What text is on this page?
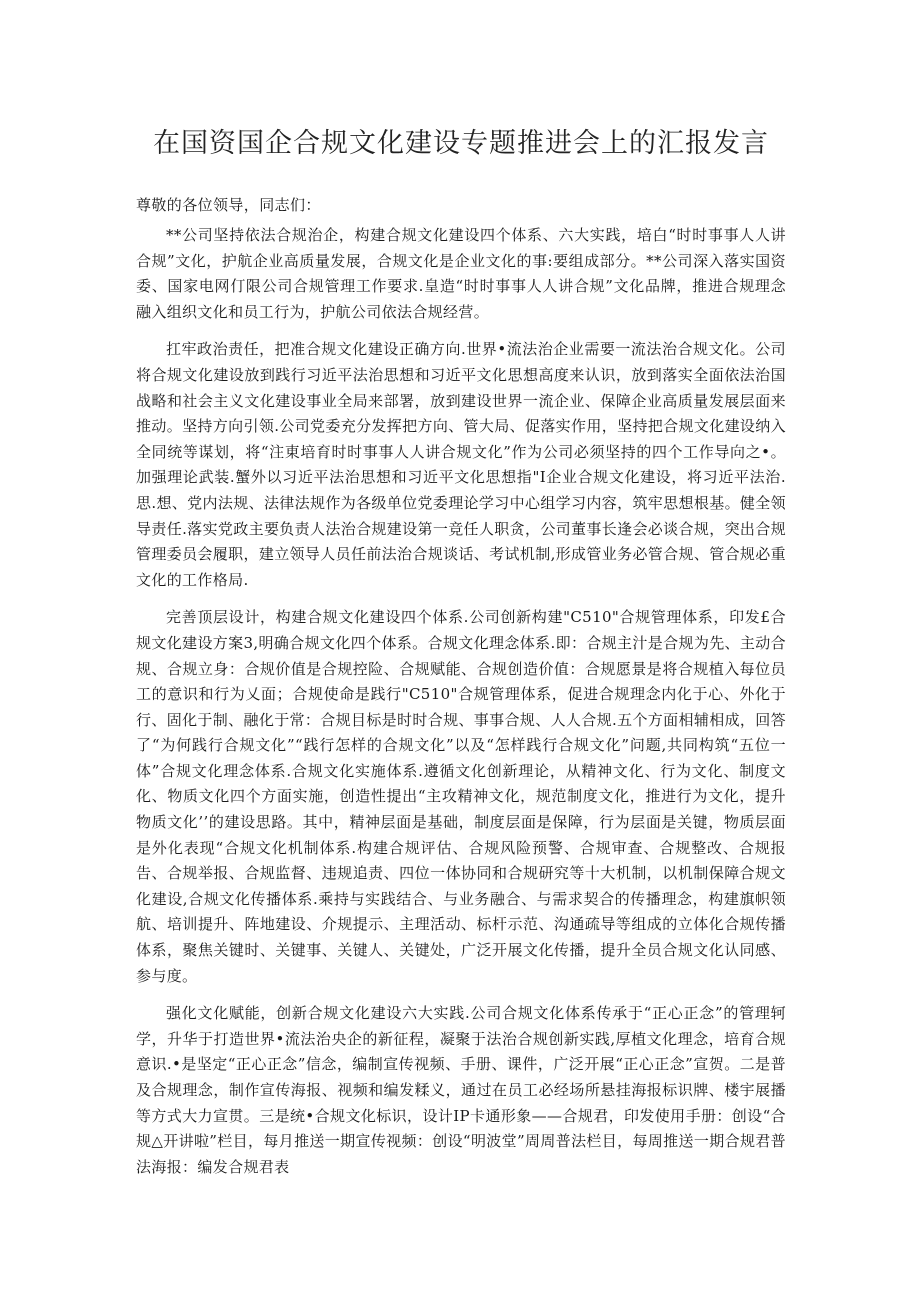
在国资国企合规文化建设专题推进会上的汇报发言

尊敬的各位领导，同志们：

**公司坚持依法合规治企，构建合规文化建设四个体系、六大实践，培白“时时事事人人讲合规”文化，护航企业高质量发展，合规文化是企业文化的事:要组成部分。**公司深入落实国资委、国家电网仃限公司合规管理工作要求.皇造“时时事事人人讲合规”文化品牌，推进合规理念融入组织文化和员工行为，护航公司依法合规经营。

扛牢政治责任，把准合规文化建设正确方向.世界•流法治企业需要一流法治合规文化。公司将合规文化建设放到践行习近平法治思想和习近平文化思想高度来认识，放到落实全面依法治国战略和社会主义文化建设事业全局来部署，放到建设世界一流企业、保障企业高质量发展层面来推动。坚持方向引领.公司党委充分发挥把方向、管大局、促落实作用，坚持把合规文化建设纳入全同统等谋划，将“注東培育时时事事人人讲合规文化”作为公司必须坚持的四个工作导向之•。加强理论武装.蟹外以习近平法治思想和习近平文化思想指"I企业合规文化建设，将习近平法治.思.想、党内法规、法律法规作为各级单位党委理论学习中心组学习内容，筑牢思想根基。健全领导责任.落实党政主要负责人法治合规建设第一竞任人职贪，公司董事长逢会必谈合规，突出合规管理委员会履职，建立领导人员任前法治合规谈话、考试机制,形成管业务必管合规、管合规必重文化的工作格局.

完善顶层设计，构建合规文化建设四个体系.公司创新构建"C510"合规管理体系，印发£合规文化建设方案3,明确合规文化四个体系。合规文化理念体系.即：合规主汁是合规为先、主动合规、合规立身：合规价值是合规控险、合规赋能、合规创造价值：合规愿景是将合规植入每位员工的意识和行为乂面；合规使命是践行"C510"合规管理体系，促进合规理念内化于心、外化于行、固化于制、融化于常：合规目标是时时合规、事事合规、人人合规.五个方面相辅相成，回答了“为何践行合规文化”“践行怎样的合规文化”以及“怎样践行合规文化”问题,共同构筑“五位一体”合规文化理念体系.合规文化实施体系.遵循文化创新理论，从精神文化、行为文化、制度文化、物质文化四个方面实施，创造性提出“主攻精神文化，规范制度文化，推进行为文化，提升物质文化’’的建设思路。其中，精神层面是基础，制度层面是保障，行为层面是关键，物质层面是外化表现“合规文化机制体系.构建合规评估、合规风险预警、合规审查、合规整改、合规报告、合规举报、合规监督、违规追责、四位一体协同和合规研究等十大机制，以机制保障合规文化建设,合规文化传播体系.乘持与实践结合、与业务融合、与需求契合的传播理念，构建旗帜领航、培训提升、阵地建设、介规提示、主理活动、标杆示范、沟通疏导等组成的立体化合规传播体系，聚焦关键时、关键事、关键人、关键处，广泛开展文化传播，提升全员合规文化认同感、参与度。

强化文化赋能，创新合规文化建设六大实践.公司合规文化体系传承于“正心正念”的管理轲学，升华于打造世界•流法治央企的新征程，凝聚于法治合规创新实践,厚植文化理念，培育合规意识.•是坚定“正心正念”信念，编制宣传视频、手册、课件，广泛开展“正心正念”宣贺。二是普及合规理念，制作宣传海报、视频和编发糅义，通过在员工必经场所悬挂海报标识牌、楼宇展播等方式大力宣贯。三是统•合规文化标识，设计IP卡通形象——合规君，印发使用手册：创设“合规△开讲啦”栏目，每月推送一期宣传视频：创设“明波堂”周周普法栏目，每周推送一期合规君普法海报：编发合规君表
